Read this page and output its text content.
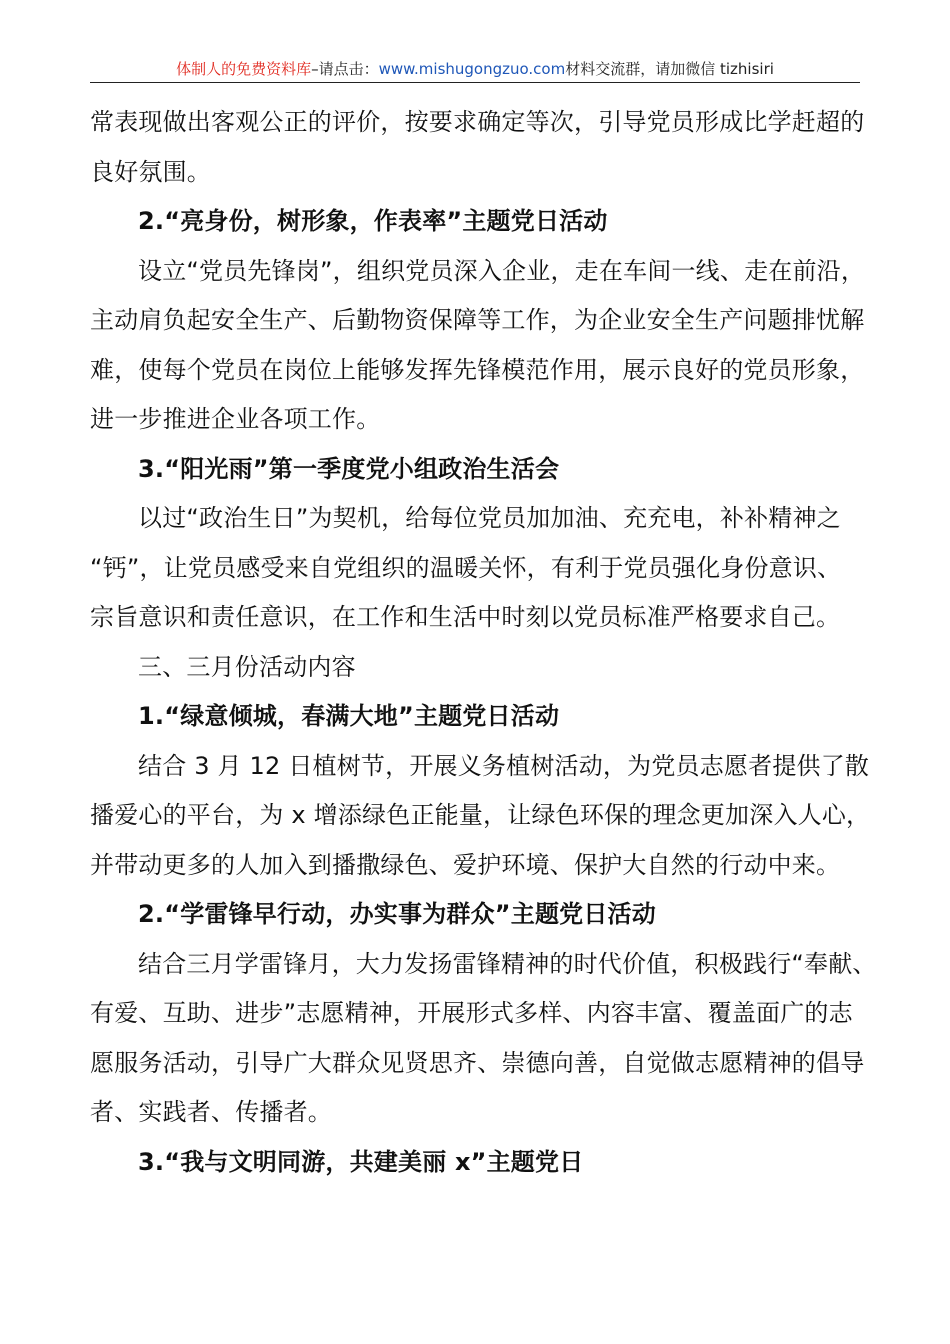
体制人的免费资料库–请点击：www.mishugongzuo.com材料交流群，请加微信 tizhisiri
常表现做出客观公正的评价，按要求确定等次，引导党员形成比学赶超的
良好氛围。
2.“亮身份，树形象，作表率”主题党日活动
设立“党员先锋岗”，组织党员深入企业，走在车间一线、走在前沿，
主动肩负起安全生产、后勤物资保障等工作，为企业安全生产问题排忧解
难，使每个党员在岗位上能够发挥先锋模范作用，展示良好的党员形象，
进一步推进企业各项工作。
3.“阳光雨”第一季度党小组政治生活会
以过“政治生日”为契机，给每位党员加加油、充充电，补补精神之
“钙”，让党员感受来自党组织的温暖关怀，有利于党员强化身份意识、
宗旨意识和责任意识，在工作和生活中时刻以党员标准严格要求自己。
三、三月份活动内容
1.“绿意倾城，春满大地”主题党日活动
结合 3 月 12 日植树节，开展义务植树活动，为党员志愿者提供了散
播爱心的平台，为 x 增添绿色正能量，让绿色环保的理念更加深入人心，
并带动更多的人加入到播撒绿色、爱护环境、保护大自然的行动中来。
2.“学雷锋早行动，办实事为群众”主题党日活动
结合三月学雷锋月，大力发扬雷锋精神的时代价值，积极践行“奉献、
有爱、互助、进步”志愿精神，开展形式多样、内容丰富、覆盖面广的志
愿服务活动，引导广大群众见贤思齐、崇德向善，自觉做志愿精神的倡导
者、实践者、传播者。
3.“我与文明同游，共建美丽 x”主题党日
